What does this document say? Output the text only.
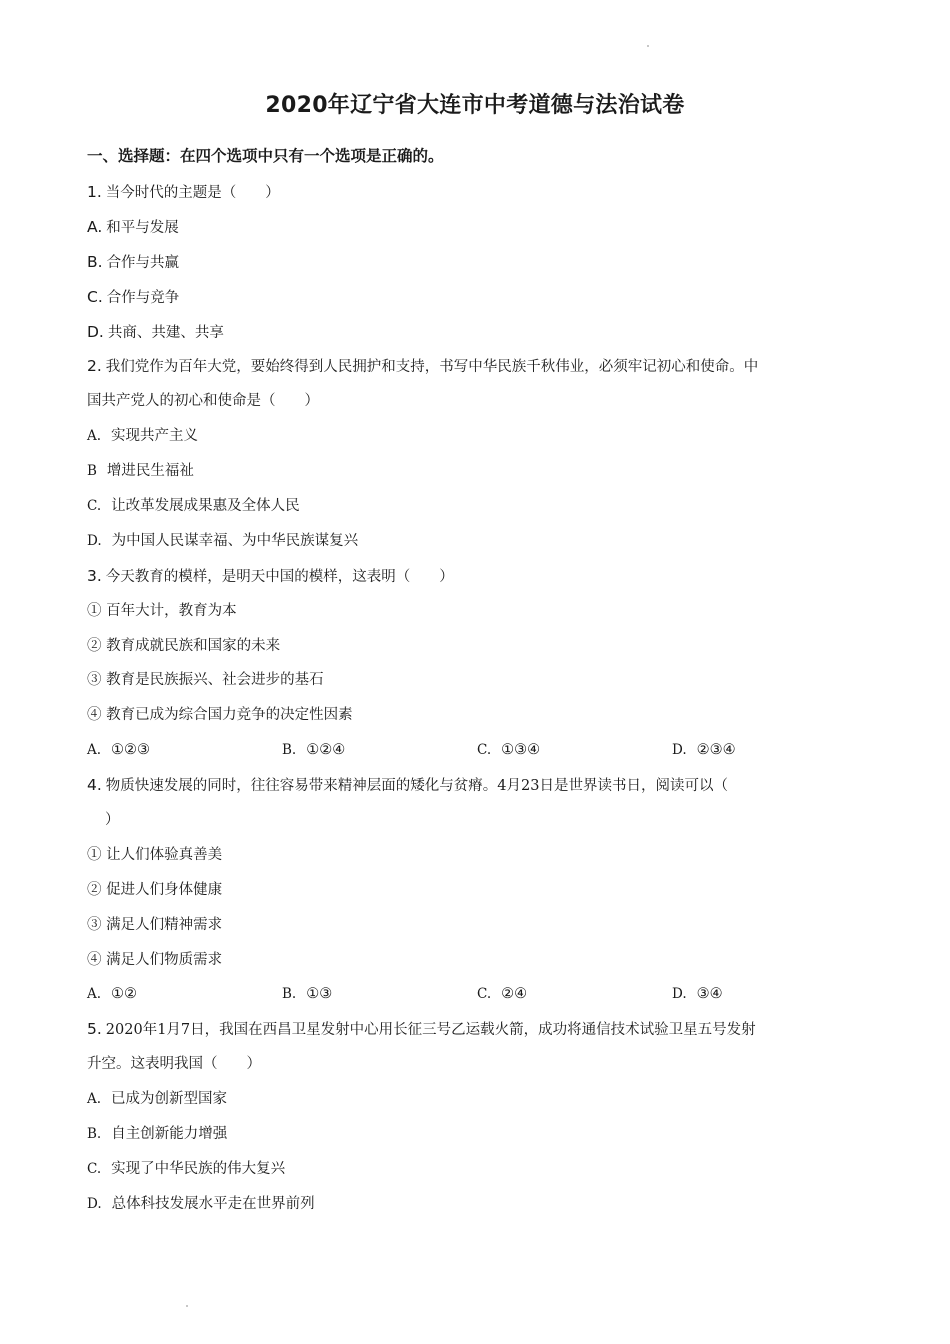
2020年辽宁省大连市中考道德与法治试卷
一、选择题：在四个选项中只有一个选项是正确的。
1. 当今时代的主题是（　　）
A. 和平与发展
B. 合作与共赢
C. 合作与竞争
D. 共商、共建、共享
2. 我们党作为百年大党，要始终得到人民拥护和支持，书写中华民族千秋伟业，必须牢记初心和使命。中
国共产党人的初心和使命是（　　）
A. 实现共产主义
B 增进民生福祉
C. 让改革发展成果惠及全体人民
D. 为中国人民谋幸福、为中华民族谋复兴
3. 今天教育的模样，是明天中国的模样，这表明（　　）
① 百年大计，教育为本
② 教育成就民族和国家的未来
③ 教育是民族振兴、社会进步的基石
④ 教育已成为综合国力竞争的决定性因素
A. ①②③	B. ①②④	C. ①③④	D. ②③④
4. 物质快速发展的同时，往往容易带来精神层面的矮化与贫瘠。4月23日是世界读书日，阅读可以（
）
① 让人们体验真善美
② 促进人们身体健康
③ 满足人们精神需求
④ 满足人们物质需求
A. ①②	B. ①③	C. ②④	D. ③④
5. 2020年1月7日，我国在西昌卫星发射中心用长征三号乙运载火箭，成功将通信技术试验卫星五号发射
升空。这表明我国（　　）
A. 已成为创新型国家
B. 自主创新能力增强
C. 实现了中华民族的伟大复兴
D. 总体科技发展水平走在世界前列
